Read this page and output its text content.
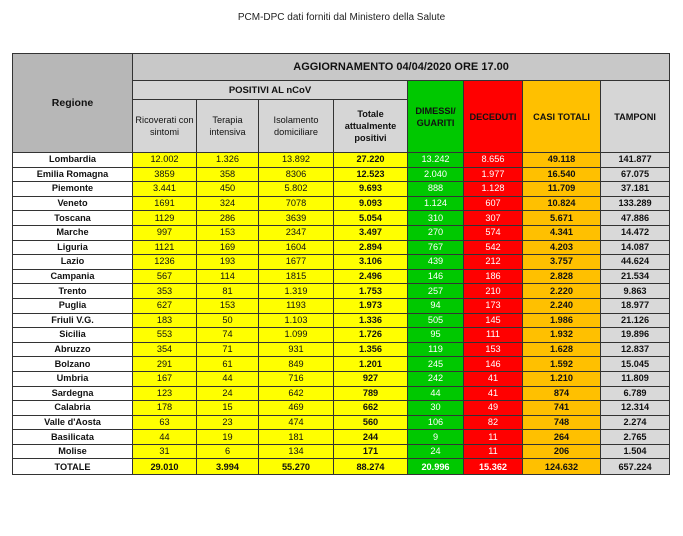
PCM-DPC dati forniti dal Ministero della Salute
Regione	AGGIORNAMENTO 04/04/2020 ORE 17.00							
	POSITIVI AL nCoV				DIMESSI/ GUARITI	DECEDUTI	CASI TOTALI	TAMPONI
	Ricoverati con sintomi	Terapia intensiva	Isolamento domiciliare	Totale attualmente positivi				
Lombardia	12.002	1.326	13.892	27.220	13.242	8.656	49.118	141.877
Emilia Romagna	3859	358	8306	12.523	2.040	1.977	16.540	67.075
Piemonte	3.441	450	5.802	9.693	888	1.128	11.709	37.181
Veneto	1691	324	7078	9.093	1.124	607	10.824	133.289
Toscana	1129	286	3639	5.054	310	307	5.671	47.886
Marche	997	153	2347	3.497	270	574	4.341	14.472
Liguria	1121	169	1604	2.894	767	542	4.203	14.087
Lazio	1236	193	1677	3.106	439	212	3.757	44.624
Campania	567	114	1815	2.496	146	186	2.828	21.534
Trento	353	81	1.319	1.753	257	210	2.220	9.863
Puglia	627	153	1193	1.973	94	173	2.240	18.977
Friuli V.G.	183	50	1.103	1.336	505	145	1.986	21.126
Sicilia	553	74	1.099	1.726	95	111	1.932	19.896
Abruzzo	354	71	931	1.356	119	153	1.628	12.837
Bolzano	291	61	849	1.201	245	146	1.592	15.045
Umbria	167	44	716	927	242	41	1.210	11.809
Sardegna	123	24	642	789	44	41	874	6.789
Calabria	178	15	469	662	30	49	741	12.314
Valle d'Aosta	63	23	474	560	106	82	748	2.274
Basilicata	44	19	181	244	9	11	264	2.765
Molise	31	6	134	171	24	11	206	1.504
TOTALE	29.010	3.994	55.270	88.274	20.996	15.362	124.632	657.224
